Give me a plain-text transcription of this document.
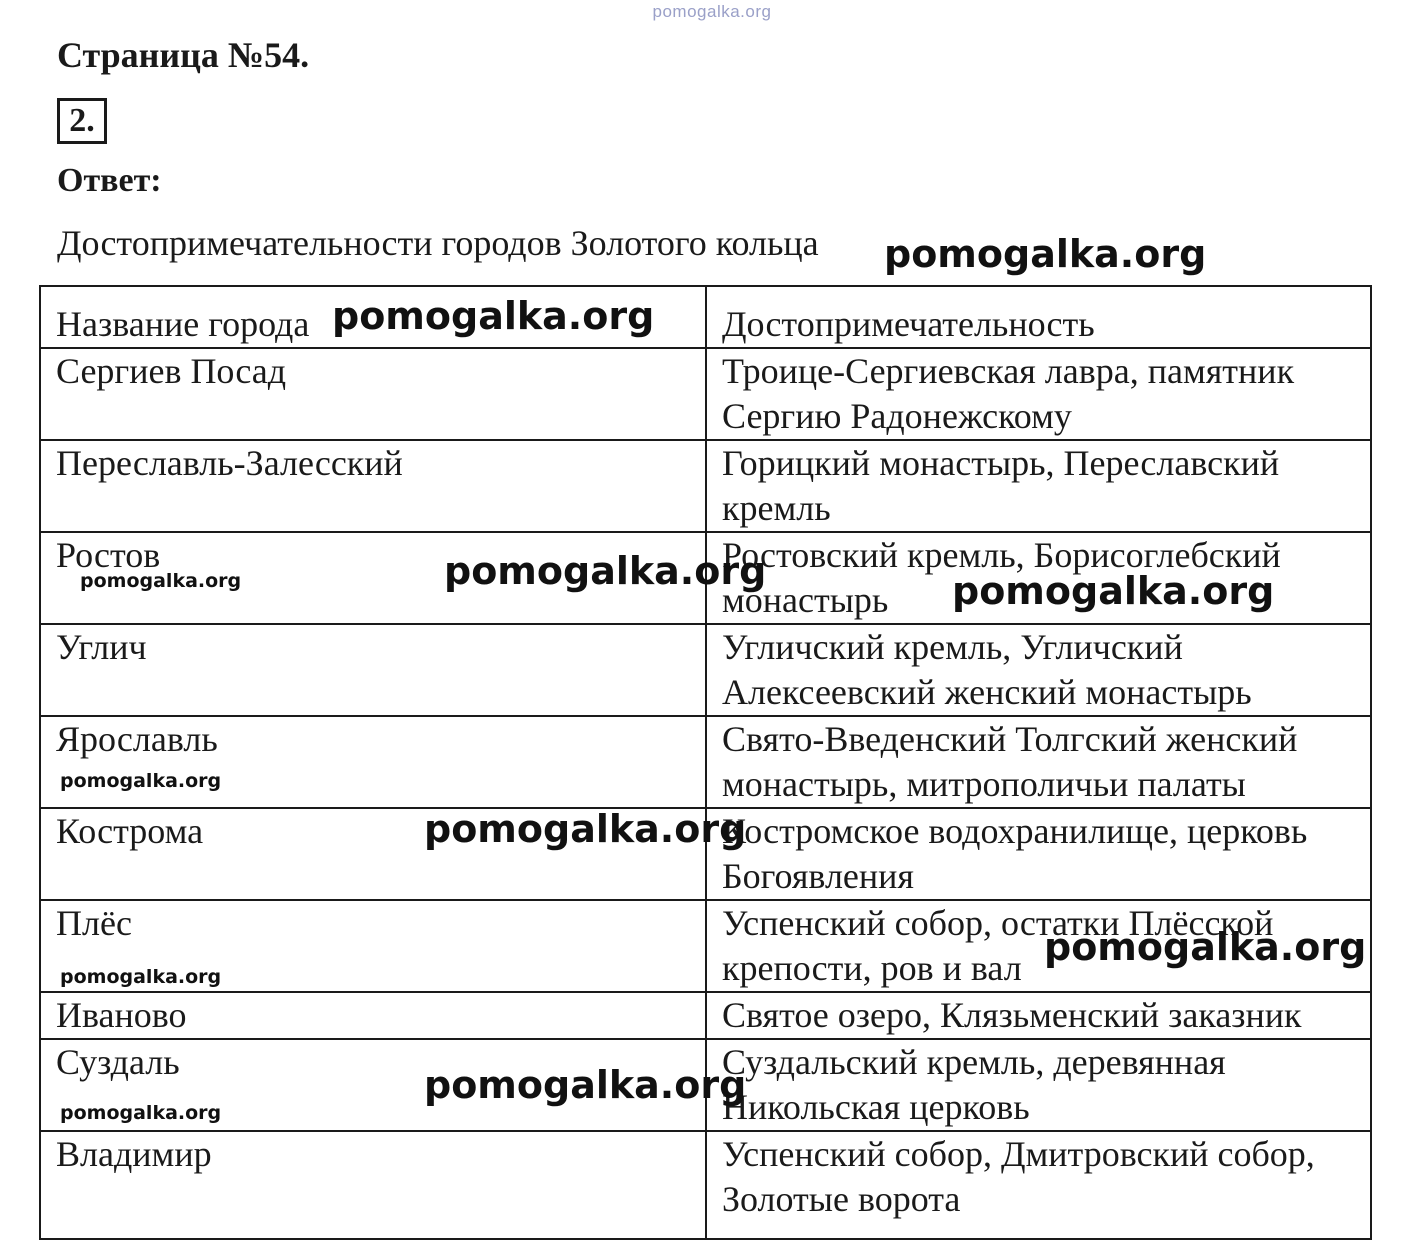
pomogalka.org
Страница №54.
2.
Ответ:
Достопримечательности городов Золотого кольца
Название города	Достопримечательность
Сергиев Посад	Троице-Сергиевская лавра, памятник Сергию Радонежскому
Переславль-Залесский	Горицкий монастырь, Переславский кремль
Ростов	Ростовский кремль, Борисоглебский монастырь
Углич	Угличский кремль, Угличский Алексеевский женский монастырь
Ярославль	Свято-Введенский Толгский женский монастырь, митрополичьи палаты
Кострома	Костромское водохранилище, церковь Богоявления
Плёс	Успенский собор, остатки Плёсской крепости, ров и вал
Иваново	Святое озеро, Клязьменский заказник
Суздаль	Суздальский кремль, деревянная Никольская церковь
Владимир	Успенский собор, Дмитровский собор, Золотые ворота
pomogalka.org
pomogalka.org
pomogalka.org
pomogalka.org	pomogalka.org
pomogalka.org
pomogalka.org
pomogalka.org
pomogalka.org
pomogalka.org
pomogalka.org
